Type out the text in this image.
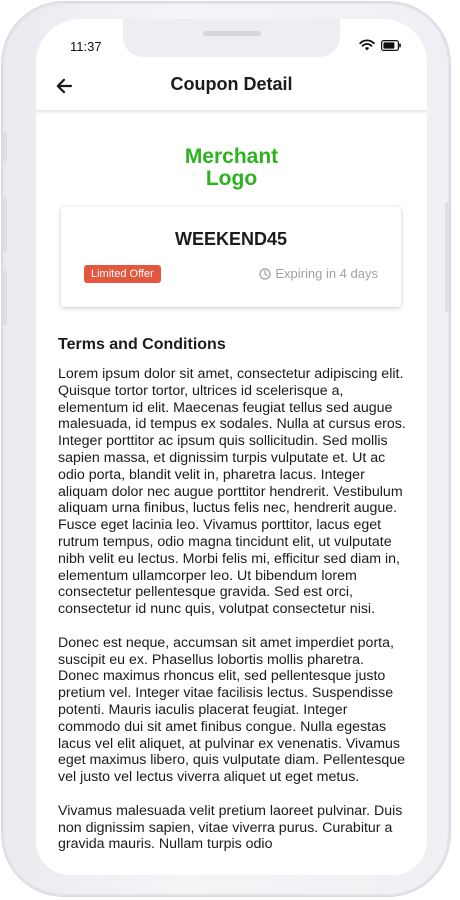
11:37
Coupon Detail
Merchant
Logo
WEEKEND45
Limited Offer	Expiring in 4 days
Terms and Conditions

Lorem ipsum dolor sit amet, consectetur adipiscing elit. Quisque tortor tortor, ultrices id scelerisque a, elementum id elit. Maecenas feugiat tellus sed augue malesuada, id tempus ex sodales. Nulla at cursus eros. Integer porttitor ac ipsum quis sollicitudin. Sed mollis sapien massa, et dignissim turpis vulputate et. Ut ac odio porta, blandit velit in, pharetra lacus. Integer aliquam dolor nec augue porttitor hendrerit. Vestibulum aliquam urna finibus, luctus felis nec, hendrerit augue. Fusce eget lacinia leo. Vivamus porttitor, lacus eget rutrum tempus, odio magna tincidunt elit, ut vulputate nibh velit eu lectus. Morbi felis mi, efficitur sed diam in, elementum ullamcorper leo. Ut bibendum lorem consectetur pellentesque gravida. Sed est orci, consectetur id nunc quis, volutpat consectetur nisi.

Donec est neque, accumsan sit amet imperdiet porta, suscipit eu ex. Phasellus lobortis mollis pharetra. Donec maximus rhoncus elit, sed pellentesque justo pretium vel. Integer vitae facilisis lectus. Suspendisse potenti. Mauris iaculis placerat feugiat. Integer commodo dui sit amet finibus congue. Nulla egestas lacus vel elit aliquet, at pulvinar ex venenatis. Vivamus eget maximus libero, quis vulputate diam. Pellentesque vel justo vel lectus viverra aliquet ut eget metus.

Vivamus malesuada velit pretium laoreet pulvinar. Duis non dignissim sapien, vitae viverra purus. Curabitur a gravida mauris. Nullam turpis odio
